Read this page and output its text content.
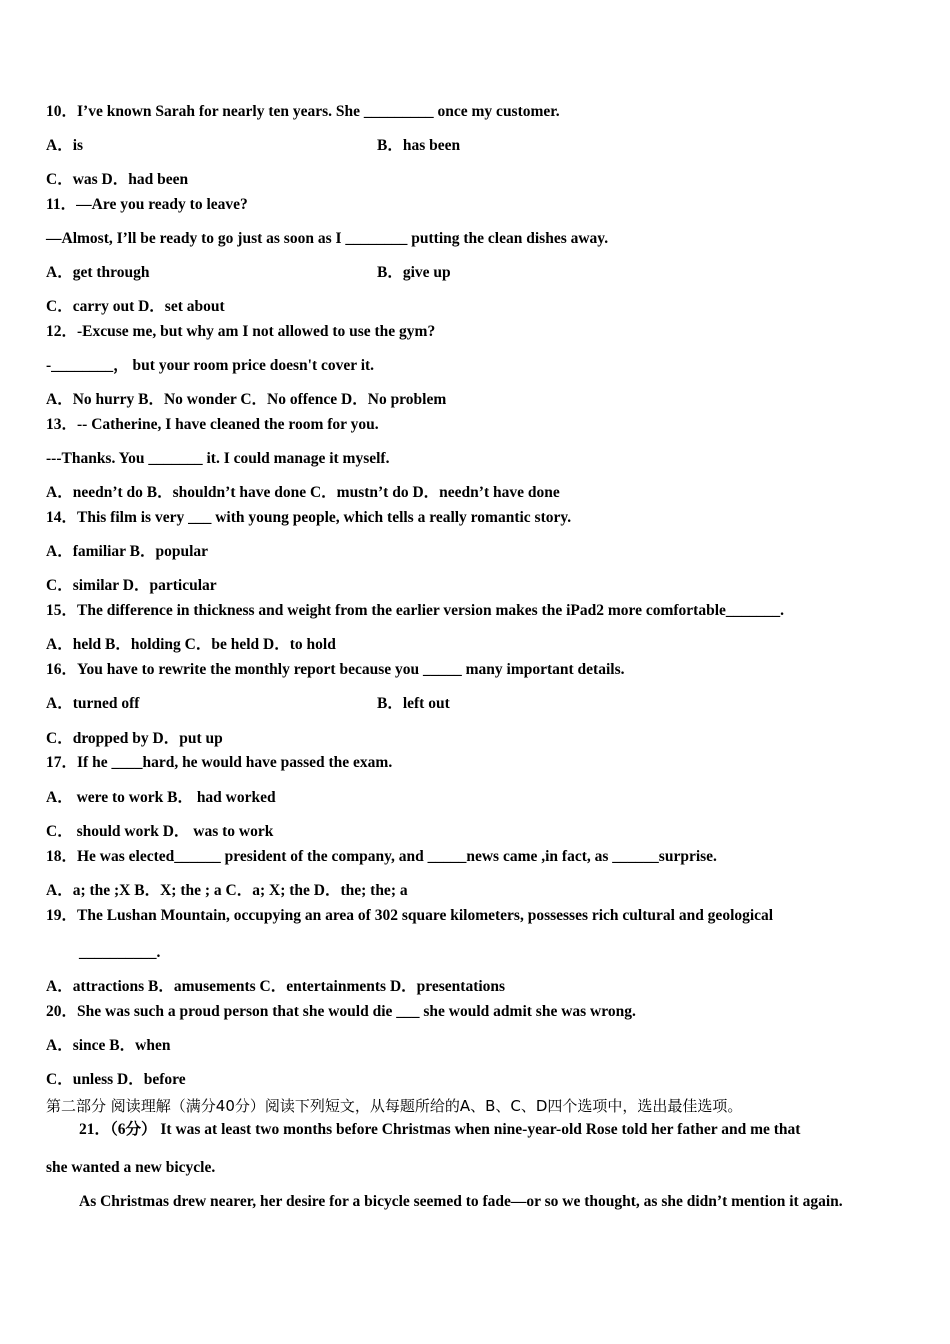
10．I’ve known Sarah for nearly ten years. She _________ once my customer.
A．is	B．has been
C．was D．had been
11．—Are you ready to leave?
—Almost, I’ll be ready to go just as soon as I ________ putting the clean dishes away.
A．get through	B．give up
C．carry out D．set about
12．-Excuse me, but why am I not allowed to use the gym?
-________， but your room price doesn't cover it.
A．No hurry B．No wonder C．No offence D．No problem
13．-- Catherine, I have cleaned the room for you.
---Thanks. You _______ it. I could manage it myself.
A．needn’t do B．shouldn’t have done C．mustn’t do D．needn’t have done
14．This film is very ___ with young people, which tells a really romantic story.
A．familiar B．popular
C．similar D．particular
15．The difference in thickness and weight from the earlier version makes the iPad2 more comfortable_______.
A．held B．holding C．be held D．to hold
16．You have to rewrite the monthly report because you _____ many important details.
A．turned off	B．left out
C．dropped by D．put up
17．If he ____hard, he would have passed the exam.
A． were to work B． had worked
C． should work D． was to work
18．He was elected______ president of the company, and _____news came ,in fact, as ______surprise.
A．a; the ;X B．X; the ; a C．a; X; the D．the; the; a
19．The Lushan Mountain, occupying an area of 302 square kilometers, possesses rich cultural and geological
__________.
A．attractions B．amusements C．entertainments D．presentations
20．She was such a proud person that she would die ___ she would admit she was wrong.
A．since B．when
C．unless D．before
第二部分 阅读理解（满分40分）阅读下列短文，从每题所给的A、B、C、D四个选项中，选出最佳选项。
21．（6分） It was at least two months before Christmas when nine-year-old Rose told her father and me that
she wanted a new bicycle.
As Christmas drew nearer, her desire for a bicycle seemed to fade—or so we thought, as she didn’t mention it again.
